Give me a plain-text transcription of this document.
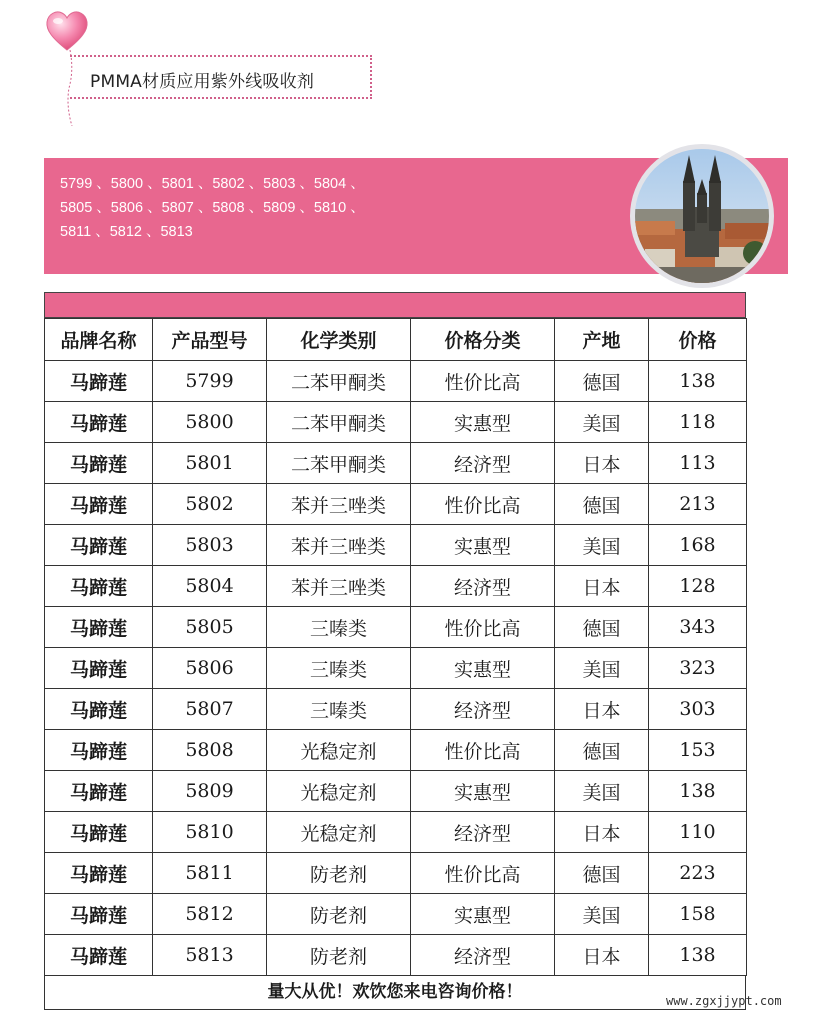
PMMA材质应用紫外线吸收剂
5799 、5800 、5801 、5802 、5803 、5804 、
5805 、5806 、5807 、5808 、5809 、5810 、
5811 、5812 、5813
品牌名称	产品型号	化学类别	价格分类	产地	价格
马蹄莲	5799	二苯甲酮类	性价比高	德国	138
马蹄莲	5800	二苯甲酮类	实惠型	美国	118
马蹄莲	5801	二苯甲酮类	经济型	日本	113
马蹄莲	5802	苯并三唑类	性价比高	德国	213
马蹄莲	5803	苯并三唑类	实惠型	美国	168
马蹄莲	5804	苯并三唑类	经济型	日本	128
马蹄莲	5805	三嗪类	性价比高	德国	343
马蹄莲	5806	三嗪类	实惠型	美国	323
马蹄莲	5807	三嗪类	经济型	日本	303
马蹄莲	5808	光稳定剂	性价比高	德国	153
马蹄莲	5809	光稳定剂	实惠型	美国	138
马蹄莲	5810	光稳定剂	经济型	日本	110
马蹄莲	5811	防老剂	性价比高	德国	223
马蹄莲	5812	防老剂	实惠型	美国	158
马蹄莲	5813	防老剂	经济型	日本	138
量大从优！欢饮您来电咨询价格！	www.zgxjjypt.com
